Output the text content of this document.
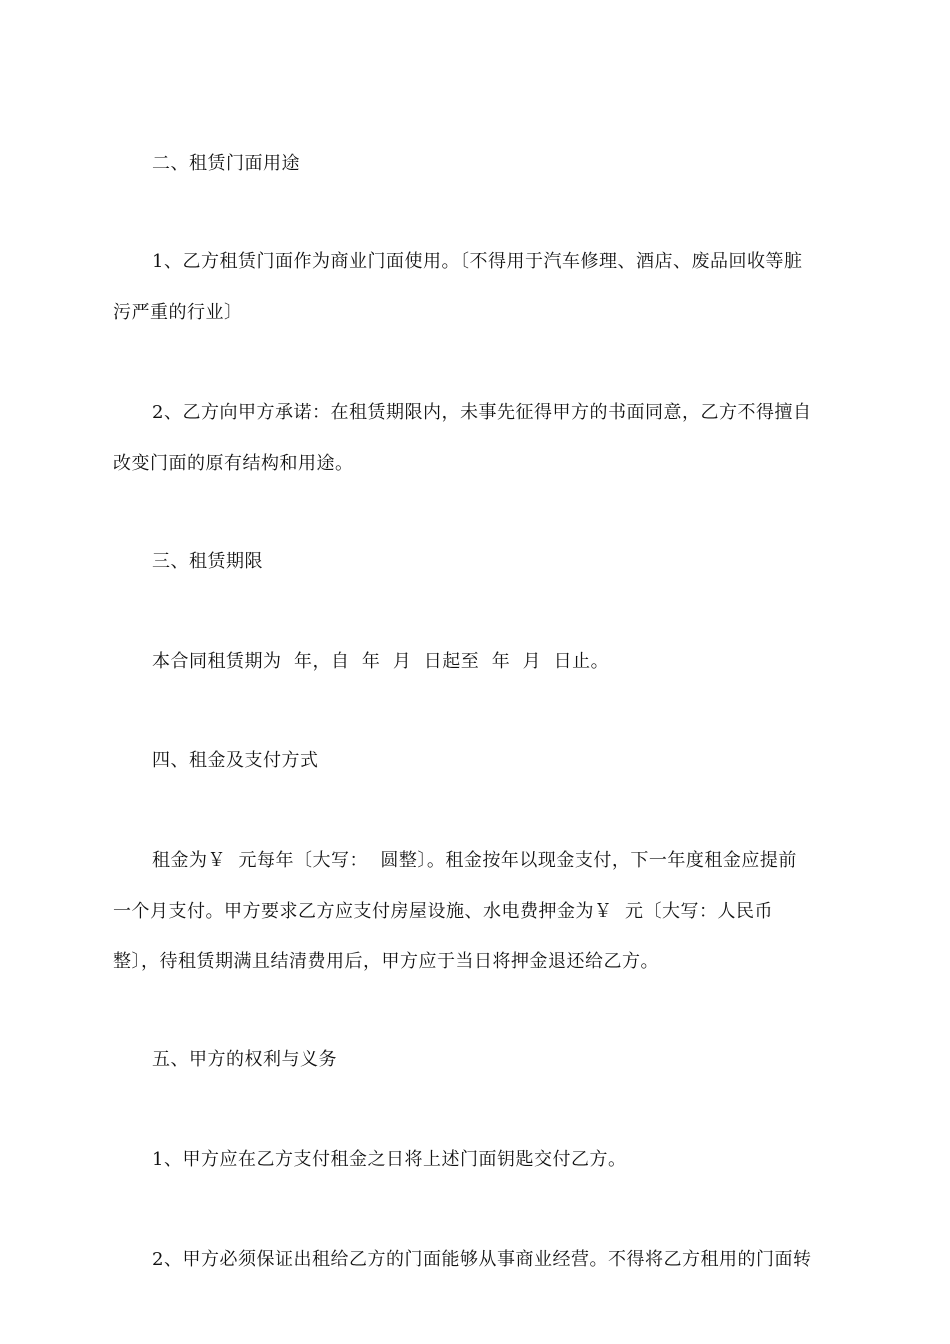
二、租赁门面用途
1、乙方租赁门面作为商业门面使用。〔不得用于汽车修理、酒店、废品回收等脏
污严重的行业〕
2、乙方向甲方承诺：在租赁期限内，未事先征得甲方的书面同意，乙方不得擅自
改变门面的原有结构和用途。
三、租赁期限
本合同租赁期为  年，自  年  月  日起至  年  月  日止。
四、租金及支付方式
租金为￥  元每年〔大写：  圆整〕。租金按年以现金支付，下一年度租金应提前
一个月支付。甲方要求乙方应支付房屋设施、水电费押金为￥  元〔大写：人民币
整〕，待租赁期满且结清费用后，甲方应于当日将押金退还给乙方。
五、甲方的权利与义务
1、甲方应在乙方支付租金之日将上述门面钥匙交付乙方。
2、甲方必须保证出租给乙方的门面能够从事商业经营。不得将乙方租用的门面转
